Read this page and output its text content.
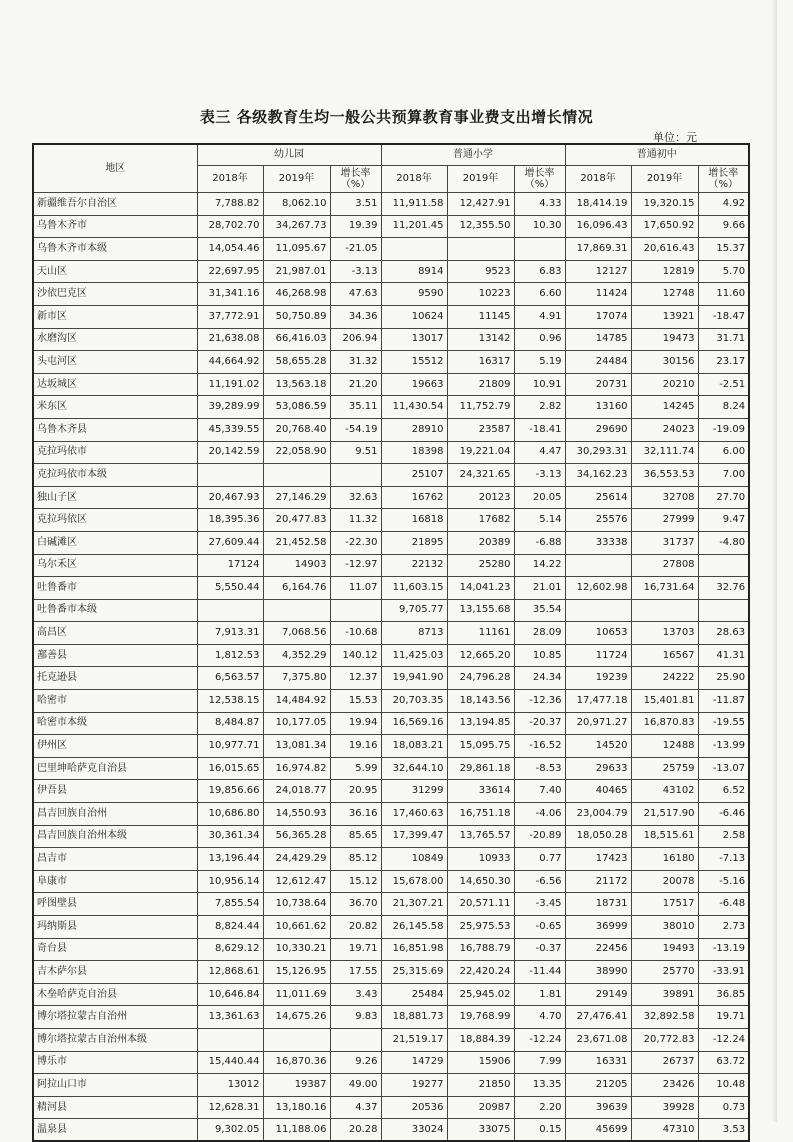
表三 各级教育生均一般公共预算教育事业费支出增长情况
单位：元
地区	幼儿园			普通小学			普通初中		
	2018年	2019年	增长率（%）	2018年	2019年	增长率（%）	2018年	2019年	增长率（%）
新疆维吾尔自治区	7,788.82	8,062.10	3.51	11,911.58	12,427.91	4.33	18,414.19	19,320.15	4.92
乌鲁木齐市	28,702.70	34,267.73	19.39	11,201.45	12,355.50	10.30	16,096.43	17,650.92	9.66
乌鲁木齐市本级	14,054.46	11,095.67	-21.05				17,869.31	20,616.43	15.37
天山区	22,697.95	21,987.01	-3.13	8914	9523	6.83	12127	12819	5.70
沙依巴克区	31,341.16	46,268.98	47.63	9590	10223	6.60	11424	12748	11.60
新市区	37,772.91	50,750.89	34.36	10624	11145	4.91	17074	13921	-18.47
水磨沟区	21,638.08	66,416.03	206.94	13017	13142	0.96	14785	19473	31.71
头屯河区	44,664.92	58,655.28	31.32	15512	16317	5.19	24484	30156	23.17
达坂城区	11,191.02	13,563.18	21.20	19663	21809	10.91	20731	20210	-2.51
米东区	39,289.99	53,086.59	35.11	11,430.54	11,752.79	2.82	13160	14245	8.24
乌鲁木齐县	45,339.55	20,768.40	-54.19	28910	23587	-18.41	29690	24023	-19.09
克拉玛依市	20,142.59	22,058.90	9.51	18398	19,221.04	4.47	30,293.31	32,111.74	6.00
克拉玛依市本级				25107	24,321.65	-3.13	34,162.23	36,553.53	7.00
独山子区	20,467.93	27,146.29	32.63	16762	20123	20.05	25614	32708	27.70
克拉玛依区	18,395.36	20,477.83	11.32	16818	17682	5.14	25576	27999	9.47
白碱滩区	27,609.44	21,452.58	-22.30	21895	20389	-6.88	33338	31737	-4.80
乌尔禾区	17124	14903	-12.97	22132	25280	14.22		27808	
吐鲁番市	5,550.44	6,164.76	11.07	11,603.15	14,041.23	21.01	12,602.98	16,731.64	32.76
吐鲁番市本级				9,705.77	13,155.68	35.54			
高昌区	7,913.31	7,068.56	-10.68	8713	11161	28.09	10653	13703	28.63
鄯善县	1,812.53	4,352.29	140.12	11,425.03	12,665.20	10.85	11724	16567	41.31
托克逊县	6,563.57	7,375.80	12.37	19,941.90	24,796.28	24.34	19239	24222	25.90
哈密市	12,538.15	14,484.92	15.53	20,703.35	18,143.56	-12.36	17,477.18	15,401.81	-11.87
哈密市本级	8,484.87	10,177.05	19.94	16,569.16	13,194.85	-20.37	20,971.27	16,870.83	-19.55
伊州区	10,977.71	13,081.34	19.16	18,083.21	15,095.75	-16.52	14520	12488	-13.99
巴里坤哈萨克自治县	16,015.65	16,974.82	5.99	32,644.10	29,861.18	-8.53	29633	25759	-13.07
伊吾县	19,856.66	24,018.77	20.95	31299	33614	7.40	40465	43102	6.52
昌吉回族自治州	10,686.80	14,550.93	36.16	17,460.63	16,751.18	-4.06	23,004.79	21,517.90	-6.46
昌吉回族自治州本级	30,361.34	56,365.28	85.65	17,399.47	13,765.57	-20.89	18,050.28	18,515.61	2.58
昌吉市	13,196.44	24,429.29	85.12	10849	10933	0.77	17423	16180	-7.13
阜康市	10,956.14	12,612.47	15.12	15,678.00	14,650.30	-6.56	21172	20078	-5.16
呼图壁县	7,855.54	10,738.64	36.70	21,307.21	20,571.11	-3.45	18731	17517	-6.48
玛纳斯县	8,824.44	10,661.62	20.82	26,145.58	25,975.53	-0.65	36999	38010	2.73
奇台县	8,629.12	10,330.21	19.71	16,851.98	16,788.79	-0.37	22456	19493	-13.19
吉木萨尔县	12,868.61	15,126.95	17.55	25,315.69	22,420.24	-11.44	38990	25770	-33.91
木垒哈萨克自治县	10,646.84	11,011.69	3.43	25484	25,945.02	1.81	29149	39891	36.85
博尔塔拉蒙古自治州	13,361.63	14,675.26	9.83	18,881.73	19,768.99	4.70	27,476.41	32,892.58	19.71
博尔塔拉蒙古自治州本级				21,519.17	18,884.39	-12.24	23,671.08	20,772.83	-12.24
博乐市	15,440.44	16,870.36	9.26	14729	15906	7.99	16331	26737	63.72
阿拉山口市	13012	19387	49.00	19277	21850	13.35	21205	23426	10.48
精河县	12,628.31	13,180.16	4.37	20536	20987	2.20	39639	39928	0.73
温泉县	9,302.05	11,188.06	20.28	33024	33075	0.15	45699	47310	3.53
